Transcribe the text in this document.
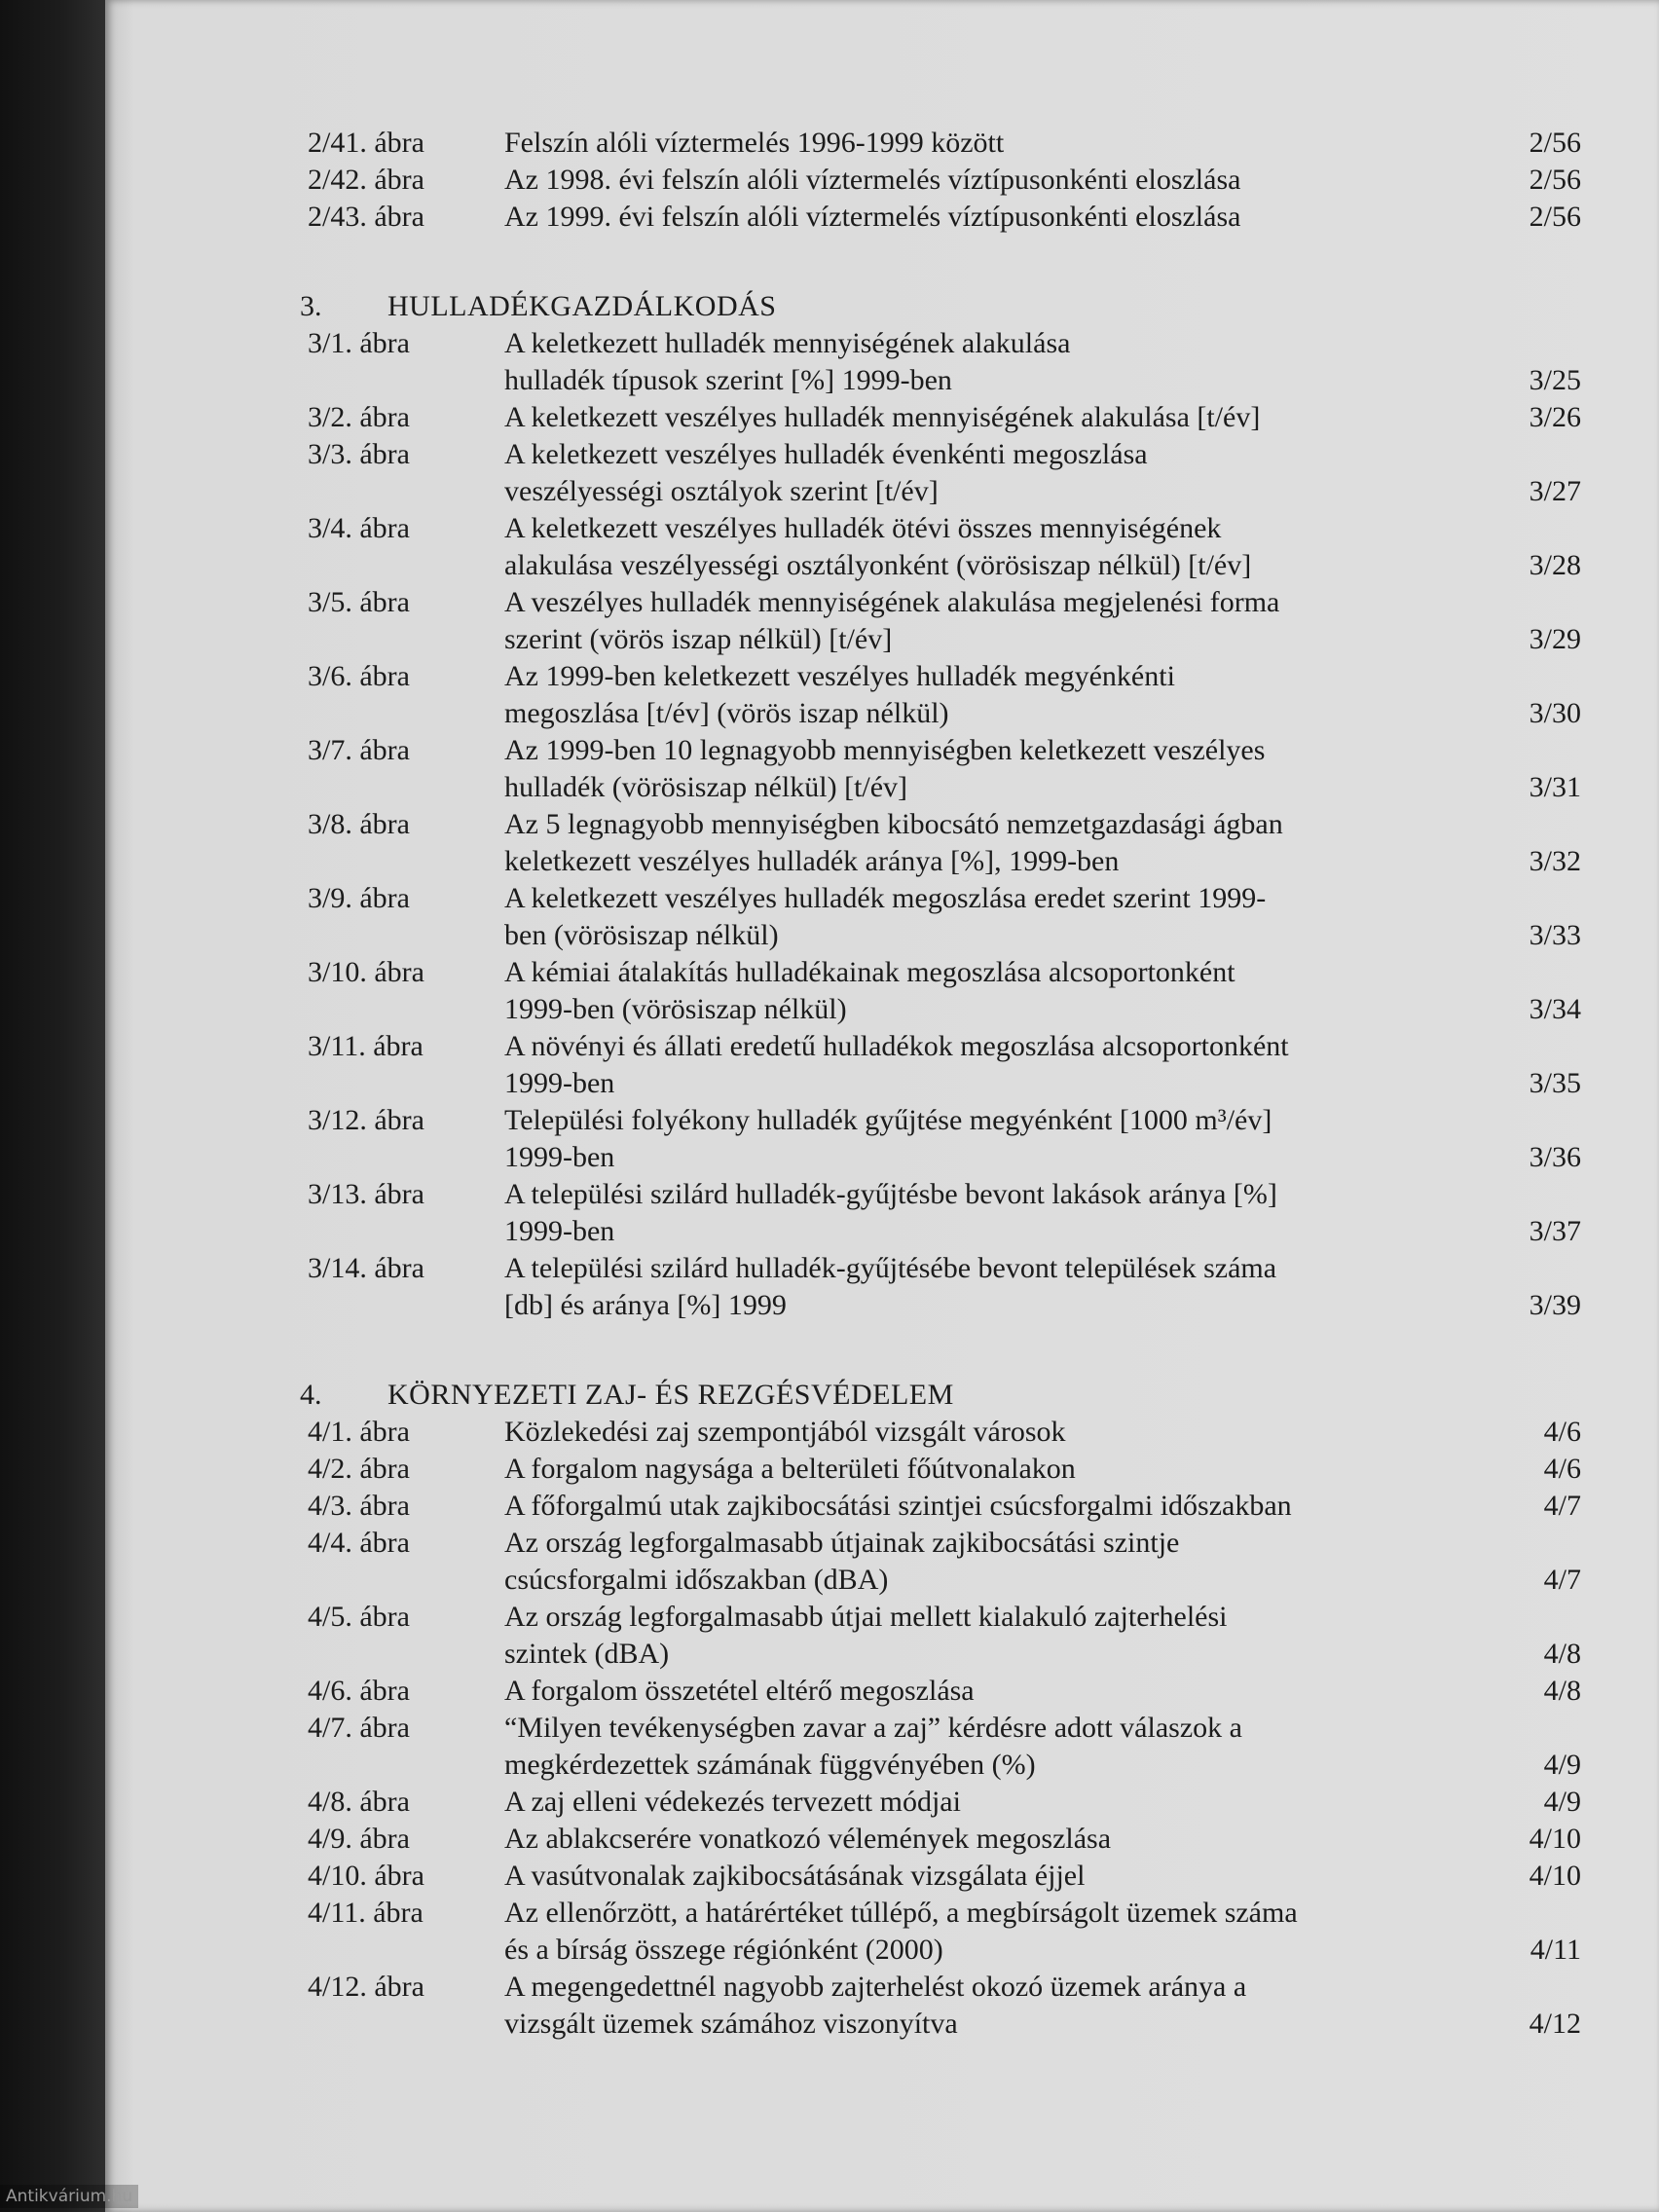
2/41. ábra	Felszín alóli víztermelés 1996-1999 között	2/56
2/42. ábra	Az 1998. évi felszín alóli víztermelés víztípusonkénti eloszlása	2/56
2/43. ábra	Az 1999. évi felszín alóli víztermelés víztípusonkénti eloszlása	2/56
3.	HULLADÉKGAZDÁLKODÁS
3/1. ábra	A keletkezett hulladék mennyiségének alakulása
hulladék típusok szerint [%] 1999-ben	3/25
3/2. ábra	A keletkezett veszélyes hulladék mennyiségének alakulása [t/év]	3/26
3/3. ábra	A keletkezett veszélyes hulladék évenkénti megoszlása
veszélyességi osztályok szerint [t/év]	3/27
3/4. ábra	A keletkezett veszélyes hulladék ötévi összes mennyiségének
alakulása veszélyességi osztályonként (vörösiszap nélkül) [t/év]	3/28
3/5. ábra	A veszélyes hulladék mennyiségének alakulása megjelenési forma
szerint (vörös iszap nélkül) [t/év]	3/29
3/6. ábra	Az 1999-ben keletkezett veszélyes hulladék megyénkénti
megoszlása [t/év] (vörös iszap nélkül)	3/30
3/7. ábra	Az 1999-ben 10 legnagyobb mennyiségben keletkezett veszélyes
hulladék (vörösiszap nélkül) [t/év]	3/31
3/8. ábra	Az 5 legnagyobb mennyiségben kibocsátó nemzetgazdasági ágban
keletkezett veszélyes hulladék aránya [%], 1999-ben	3/32
3/9. ábra	A keletkezett veszélyes hulladék megoszlása eredet szerint 1999-
ben (vörösiszap nélkül)	3/33
3/10. ábra	A kémiai átalakítás hulladékainak megoszlása alcsoportonként
1999-ben (vörösiszap nélkül)	3/34
3/11. ábra	A növényi és állati eredetű hulladékok megoszlása alcsoportonként
1999-ben	3/35
3/12. ábra	Települési folyékony hulladék gyűjtése megyénként [1000 m³/év]
1999-ben	3/36
3/13. ábra	A települési szilárd hulladék-gyűjtésbe bevont lakások aránya [%]
1999-ben	3/37
3/14. ábra	A települési szilárd hulladék-gyűjtésébe bevont települések száma
[db] és aránya [%] 1999	3/39
4.	KÖRNYEZETI ZAJ- ÉS REZGÉSVÉDELEM
4/1. ábra	Közlekedési zaj szempontjából vizsgált városok	4/6
4/2. ábra	A forgalom nagysága a belterületi főútvonalakon	4/6
4/3. ábra	A főforgalmú utak zajkibocsátási szintjei csúcsforgalmi időszakban	4/7
4/4. ábra	Az ország legforgalmasabb útjainak zajkibocsátási szintje
csúcsforgalmi időszakban (dBA)	4/7
4/5. ábra	Az ország legforgalmasabb útjai mellett kialakuló zajterhelési
szintek (dBA)	4/8
4/6. ábra	A forgalom összetétel eltérő megoszlása	4/8
4/7. ábra	“Milyen tevékenységben zavar a zaj” kérdésre adott válaszok a
megkérdezettek számának függvényében (%)	4/9
4/8. ábra	A zaj elleni védekezés tervezett módjai	4/9
4/9. ábra	Az ablakcserére vonatkozó vélemények megoszlása	4/10
4/10. ábra	A vasútvonalak zajkibocsátásának vizsgálata éjjel	4/10
4/11. ábra	Az ellenőrzött, a határértéket túllépő, a megbírságolt üzemek száma
és a bírság összege régiónként (2000)	4/11
4/12. ábra	A megengedettnél nagyobb zajterhelést okozó üzemek aránya a
vizsgált üzemek számához viszonyítva	4/12
Antikvárium.hu
